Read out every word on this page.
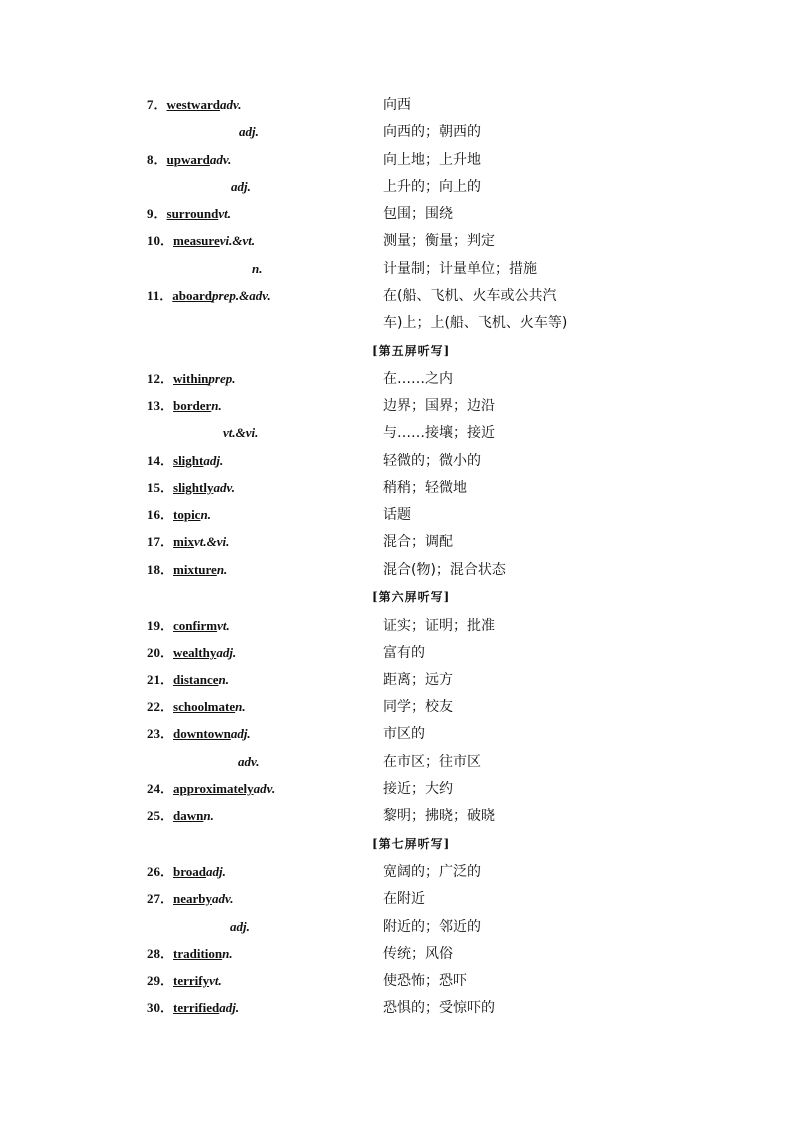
7．westwardadv.	向西
adj.	向西的；朝西的
8．upwardadv.	向上地；上升地
adj.	上升的；向上的
9．surroundvt.	包围；围绕
10．measurevi.&vt.	测量；衡量；判定
n.	计量制；计量单位；措施
11．aboardprep.&adv.	在(船、飞机、火车或公共汽
车)上；上(船、飞机、火车等)
[第五屏听写]
12．withinprep.	在……之内
13．bordern.	边界；国界；边沿
vt.&vi.	与……接壤；接近
14．slightadj.	轻微的；微小的
15．slightlyadv.	稍稍；轻微地
16．topicn.	话题
17．mixvt.&vi.	混合；调配
18．mixturen.	混合(物)；混合状态
[第六屏听写]
19．confirmvt.	证实；证明；批准
20．wealthyadj.	富有的
21．distancen.	距离；远方
22．schoolmaten.	同学；校友
23．downtownadj.	市区的
adv.	在市区；往市区
24．approximatelyadv.	接近；大约
25．dawnn.	黎明；拂晓；破晓
[第七屏听写]
26．broadadj.	宽阔的；广泛的
27．nearbyadv.	在附近
adj.	附近的；邻近的
28．traditionn.	传统；风俗
29．terrifyvt.	使恐怖；恐吓
30．terrifiedadj.	恐惧的；受惊吓的
